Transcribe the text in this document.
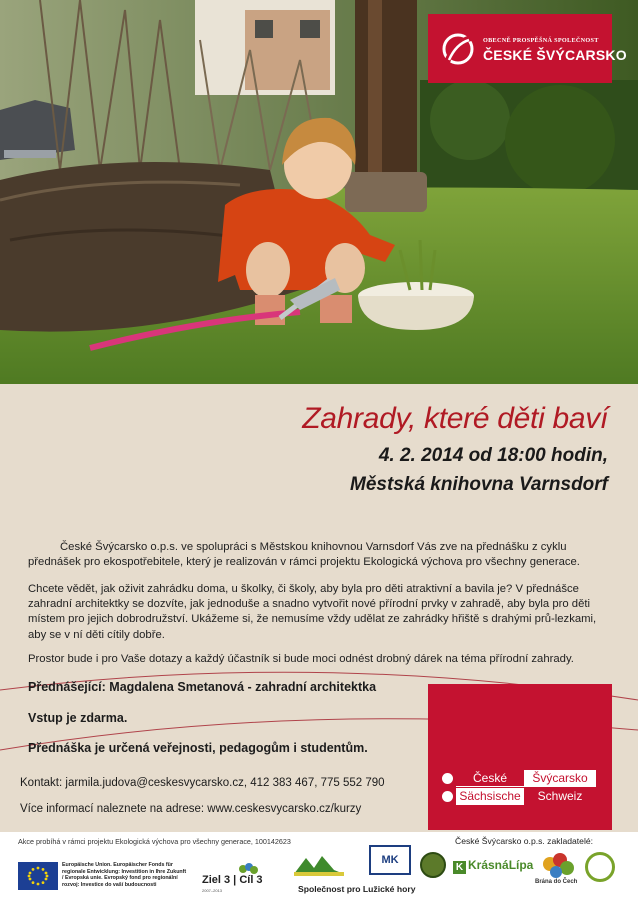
OBECNĚ PROSPĚŠNÁ SPOLEČNOST
ČESKÉ ŠVÝCARSKO
Zahrady, které děti baví
4. 2. 2014 od 18:00 hodin,
Městská knihovna Varnsdorf

České Švýcarsko o.p.s. ve spolupráci s Městskou knihovnou Varnsdorf Vás zve na přednášku z cyklu přednášek pro ekospotřebitele, který je realizován v rámci projektu Ekologická výchova pro všechny generace.

Chcete vědět, jak oživit zahrádku doma, u školky, či školy, aby byla pro děti atraktivní a bavila je? V přednášce zahradní architektky se dozvíte, jak jednoduše a snadno vytvořit nové přírodní prvky v zahradě, aby byla pro děti místem pro jejich dobrodružství. Ukážeme si, že nemusíme vždy udělat ze zahrádky hřiště s drahými prů-lezkami, aby se v ní děti cítily dobře.

Prostor bude i pro Vaše dotazy a každý účastník si bude moci odnést drobný dárek na téma přírodní zahrady.

Přednášející: Magdalena Smetanová - zahradní architektka
Vstup je zdarma.
Přednáška je určená veřejnosti, pedagogům i studentům.
Kontakt: jarmila.judova@ceskesvycarsko.cz, 412 383 467, 775 552 790
Více informací naleznete na adrese: www.ceskesvycarsko.cz/kurzy
České	Švýcarsko
Sächsische	Schweiz
Akce probíhá v rámci projektu Ekologická výchova pro všechny generace, 100142623	České Švýcarsko o.p.s. zakladatelé:
Europäische Union. Europäischer Fonds für regionale Entwicklung: Investition in Ihre Zukunft / Evropská unie. Evropský fond pro regionální rozvoj: Investice do vaší budoucnosti	Ziel 3 | Cíl 3
2007–2013	Společnost pro Lužické hory
MK
K KrásnáLípa
Brána do Čech
